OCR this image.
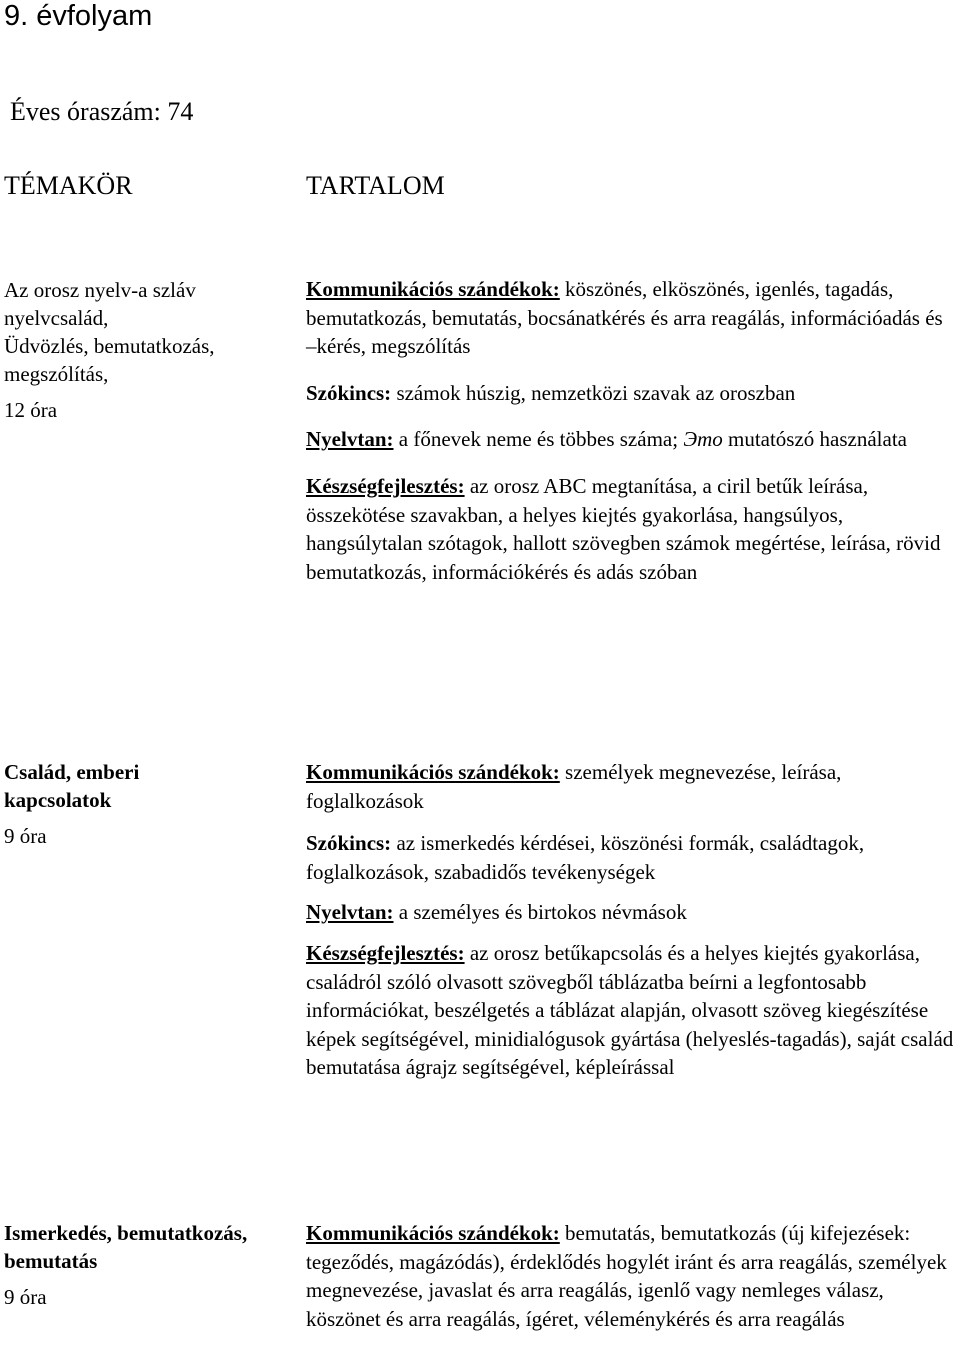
9. évfolyam
Éves óraszám: 74
TÉMAKÖR	TARTALOM
Az orosz nyelv-a szláv
nyelvcsalád,
Üdvözlés, bemutatkozás,
megszólítás,
12 óra

Kommunikációs szándékok: köszönés, elköszönés, igenlés, tagadás, bemutatkozás, bemutatás, bocsánatkérés és arra reagálás, információadás és –kérés, megszólítás

Szókincs: számok húszig, nemzetközi szavak az oroszban

Nyelvtan: a főnevek neme és többes száma; Это mutatószó használata

Készségfejlesztés: az orosz ABC megtanítása, a ciril betűk leírása, összekötése szavakban, a helyes kiejtés gyakorlása, hangsúlyos, hangsúlytalan szótagok, hallott szövegben számok megértése, leírása, rövid bemutatkozás, információkérés és adás szóban

Család, emberi
kapcsolatok
9 óra

Kommunikációs szándékok: személyek megnevezése, leírása, foglalkozások

Szókincs: az ismerkedés kérdései, köszönési formák, családtagok, foglalkozások, szabadidős tevékenységek

Nyelvtan: a személyes és birtokos névmások

Készségfejlesztés: az orosz betűkapcsolás és a helyes kiejtés gyakorlása, családról szóló olvasott szövegből táblázatba beírni a legfontosabb információkat, beszélgetés a táblázat alapján, olvasott szöveg kiegészítése képek segítségével, minidialógusok gyártása (helyeslés-tagadás), saját család bemutatása ágrajz segítségével, képleírással

Ismerkedés, bemutatkozás,
bemutatás
9 óra

Kommunikációs szándékok: bemutatás, bemutatkozás (új kifejezések: tegeződés, magázódás), érdeklődés hogylét iránt és arra reagálás, személyek megnevezése, javaslat és arra reagálás, igenlő vagy nemleges válasz, köszönet és arra reagálás, ígéret, véleménykérés és arra reagálás
